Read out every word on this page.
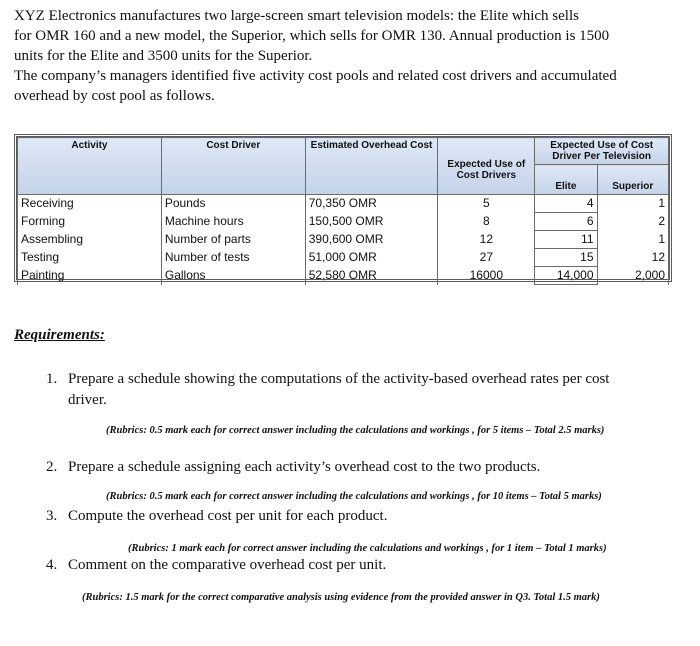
XYZ Electronics manufactures two large-screen smart television models: the Elite which sells

for OMR 160 and a new model, the Superior, which sells for OMR 130. Annual production is 1500

units for the Elite and 3500 units for the Superior.

The company’s managers identified five activity cost pools and related cost drivers and accumulated

overhead by cost pool as follows.

Activity	Cost Driver	Estimated Overhead Cost	Expected Use of Cost Drivers	Expected Use of Cost Driver Per Television	
				Elite	Superior
Receiving	Pounds	70,350 OMR	5	4	1
Forming	Machine hours	150,500 OMR	8	6	2
Assembling	Number of parts	390,600 OMR	12	11	1
Testing	Number of tests	51,000 OMR	27	15	12
Painting	Gallons	52,580 OMR	16000	14,000	2,000
Requirements:
1. Prepare a schedule showing the computations of the activity-based overhead rates per cost
driver.
(Rubrics: 0.5 mark each for correct answer including the calculations and workings , for 5 items – Total 2.5 marks)
2. Prepare a schedule assigning each activity’s overhead cost to the two products.
(Rubrics: 0.5 mark each for correct answer including the calculations and workings , for 10 items – Total 5 marks)
3. Compute the overhead cost per unit for each product.
(Rubrics: 1 mark each for correct answer including the calculations and workings , for 1 item – Total 1 marks)
4. Comment on the comparative overhead cost per unit.
(Rubrics: 1.5 mark for the correct comparative analysis using evidence from the provided answer in Q3. Total 1.5 mark)
